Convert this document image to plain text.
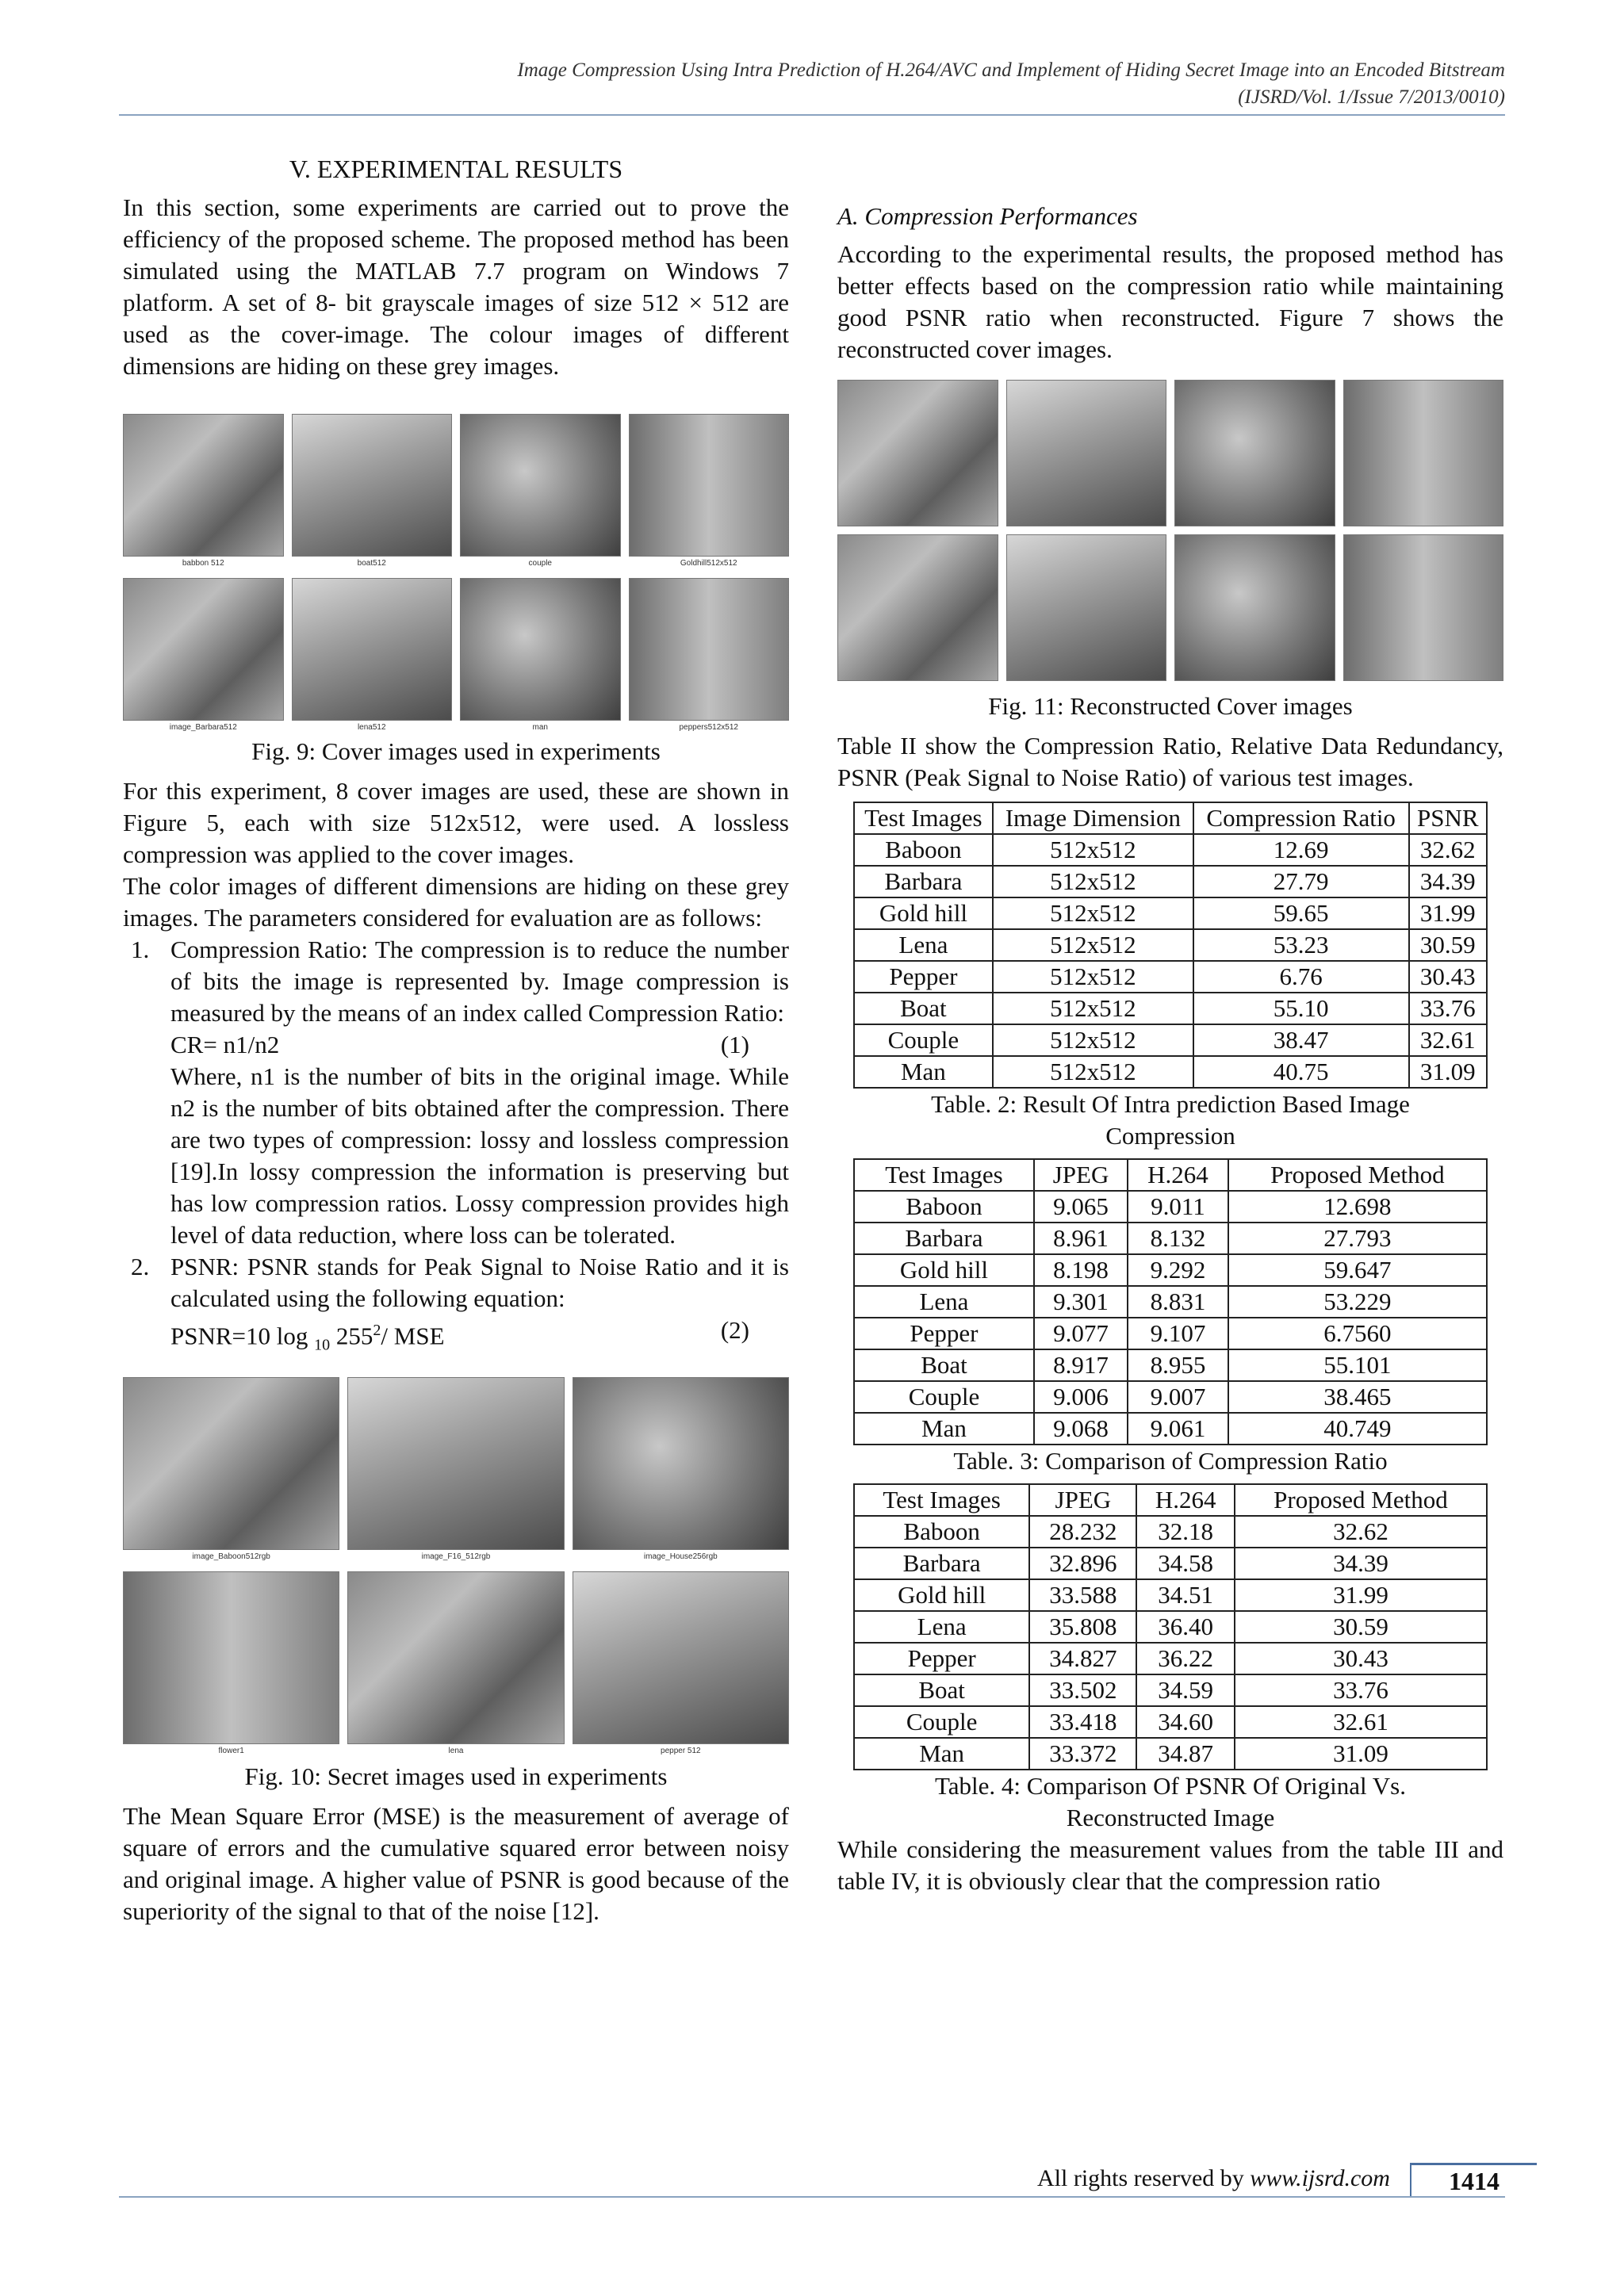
Image Compression Using Intra Prediction of H.264/AVC and Implement of Hiding Secret Image into an Encoded Bitstream
(IJSRD/Vol. 1/Issue 7/2013/0010)
V. EXPERIMENTAL RESULTS

In this section, some experiments are carried out to prove the efficiency of the proposed scheme. The proposed method has been simulated using the MATLAB 7.7 program on Windows 7 platform. A set of 8- bit grayscale images of size 512 × 512 are used as the cover-image. The colour images of different dimensions are hiding on these grey images.

babbon 512	boat512	couple	Goldhill512x512
image_Barbara512	lena512	man	peppers512x512
Fig. 9: Cover images used in experiments

For this experiment, 8 cover images are used, these are shown in Figure 5, each with size 512x512, were used. A lossless compression was applied to the cover images.

The color images of different dimensions are hiding on these grey images. The parameters considered for evaluation are as follows:

1. Compression Ratio: The compression is to reduce the number of bits the image is represented by. Image compression is measured by the means of an index called Compression Ratio:
CR= n1/n2	(1)
Where, n1 is the number of bits in the original image. While n2 is the number of bits obtained after the compression. There are two types of compression: lossy and lossless compression [19].In lossy compression the information is preserving but has low compression ratios. Lossy compression provides high level of data reduction, where loss can be tolerated.
2. PSNR: PSNR stands for Peak Signal to Noise Ratio and it is calculated using the following equation:
PSNR=10 log $_{10}$ $255^2/$ MSE	(2)
image_Baboon512rgb	image_F16_512rgb	image_House256rgb
flower1	lena	pepper 512
Fig. 10: Secret images used in experiments

The Mean Square Error (MSE) is the measurement of average of square of errors and the cumulative squared error between noisy and original image. A higher value of PSNR is good because of the superiority of the signal to that of the noise [12].

A. Compression Performances

According to the experimental results, the proposed method has better effects based on the compression ratio while maintaining good PSNR ratio when reconstructed. Figure 7 shows the reconstructed cover images.

Fig. 11: Reconstructed Cover images

Table II show the Compression Ratio, Relative Data Redundancy, PSNR (Peak Signal to Noise Ratio) of various test images.

Test Images	Image Dimension	Compression Ratio	PSNR
Baboon	512x512	12.69	32.62
Barbara	512x512	27.79	34.39
Gold hill	512x512	59.65	31.99
Lena	512x512	53.23	30.59
Pepper	512x512	6.76	30.43
Boat	512x512	55.10	33.76
Couple	512x512	38.47	32.61
Man	512x512	40.75	31.09
Table. 2: Result Of Intra prediction Based Image Compression
Test Images	JPEG	H.264	Proposed Method
Baboon	9.065	9.011	12.698
Barbara	8.961	8.132	27.793
Gold hill	8.198	9.292	59.647
Lena	9.301	8.831	53.229
Pepper	9.077	9.107	6.7560
Boat	8.917	8.955	55.101
Couple	9.006	9.007	38.465
Man	9.068	9.061	40.749
Table. 3: Comparison of Compression Ratio
Test Images	JPEG	H.264	Proposed Method
Baboon	28.232	32.18	32.62
Barbara	32.896	34.58	34.39
Gold hill	33.588	34.51	31.99
Lena	35.808	36.40	30.59
Pepper	34.827	36.22	30.43
Boat	33.502	34.59	33.76
Couple	33.418	34.60	32.61
Man	33.372	34.87	31.09
Table. 4: Comparison Of PSNR Of Original Vs. Reconstructed Image

While considering the measurement values from the table III and table IV, it is obviously clear that the compression ratio

All rights reserved by www.ijsrd.com	1414
